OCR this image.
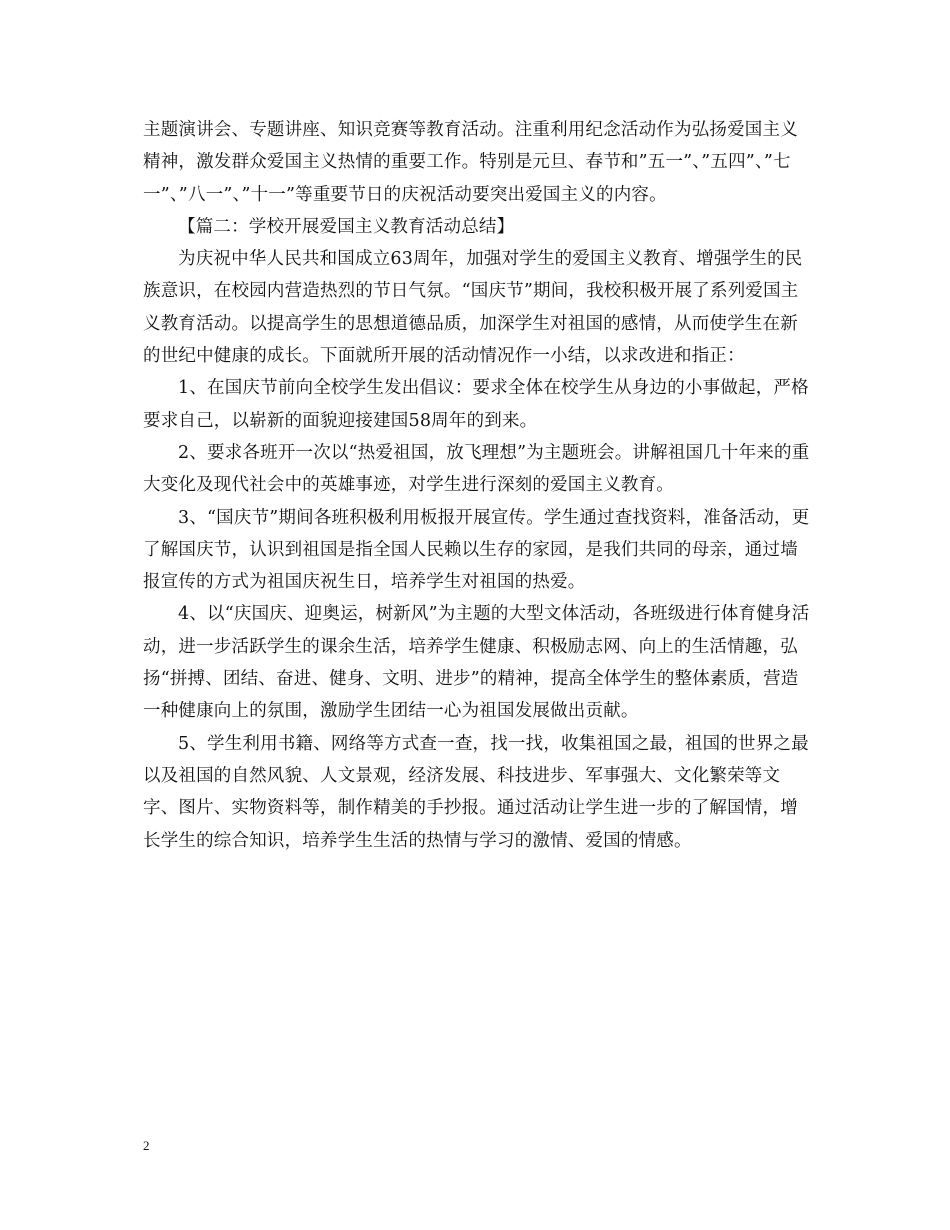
主题演讲会、专题讲座、知识竞赛等教育活动。注重利用纪念活动作为弘扬爱国主义精神，激发群众爱国主义热情的重要工作。特别是元旦、春节和”五一”、”五四”、”七一”、”八一”、”十一”等重要节日的庆祝活动要突出爱国主义的内容。

【篇二：学校开展爱国主义教育活动总结】

为庆祝中华人民共和国成立63周年，加强对学生的爱国主义教育、增强学生的民族意识，在校园内营造热烈的节日气氛。“国庆节”期间，我校积极开展了系列爱国主义教育活动。以提高学生的思想道德品质，加深学生对祖国的感情，从而使学生在新的世纪中健康的成长。下面就所开展的活动情况作一小结，以求改进和指正：

1、在国庆节前向全校学生发出倡议：要求全体在校学生从身边的小事做起，严格要求自己，以崭新的面貌迎接建国58周年的到来。

2、要求各班开一次以“热爱祖国，放飞理想”为主题班会。讲解祖国几十年来的重大变化及现代社会中的英雄事迹，对学生进行深刻的爱国主义教育。

3、“国庆节”期间各班积极利用板报开展宣传。学生通过查找资料，准备活动，更了解国庆节，认识到祖国是指全国人民赖以生存的家园，是我们共同的母亲，通过墙报宣传的方式为祖国庆祝生日，培养学生对祖国的热爱。

4、以“庆国庆、迎奥运，树新风”为主题的大型文体活动，各班级进行体育健身活动，进一步活跃学生的课余生活，培养学生健康、积极励志网、向上的生活情趣，弘扬“拼搏、团结、奋进、健身、文明、进步”的精神，提高全体学生的整体素质，营造一种健康向上的氛围，激励学生团结一心为祖国发展做出贡献。

5、学生利用书籍、网络等方式查一查，找一找，收集祖国之最，祖国的世界之最以及祖国的自然风貌、人文景观，经济发展、科技进步、军事强大、文化繁荣等文字、图片、实物资料等，制作精美的手抄报。通过活动让学生进一步的了解国情，增长学生的综合知识，培养学生生活的热情与学习的激情、爱国的情感。

2
